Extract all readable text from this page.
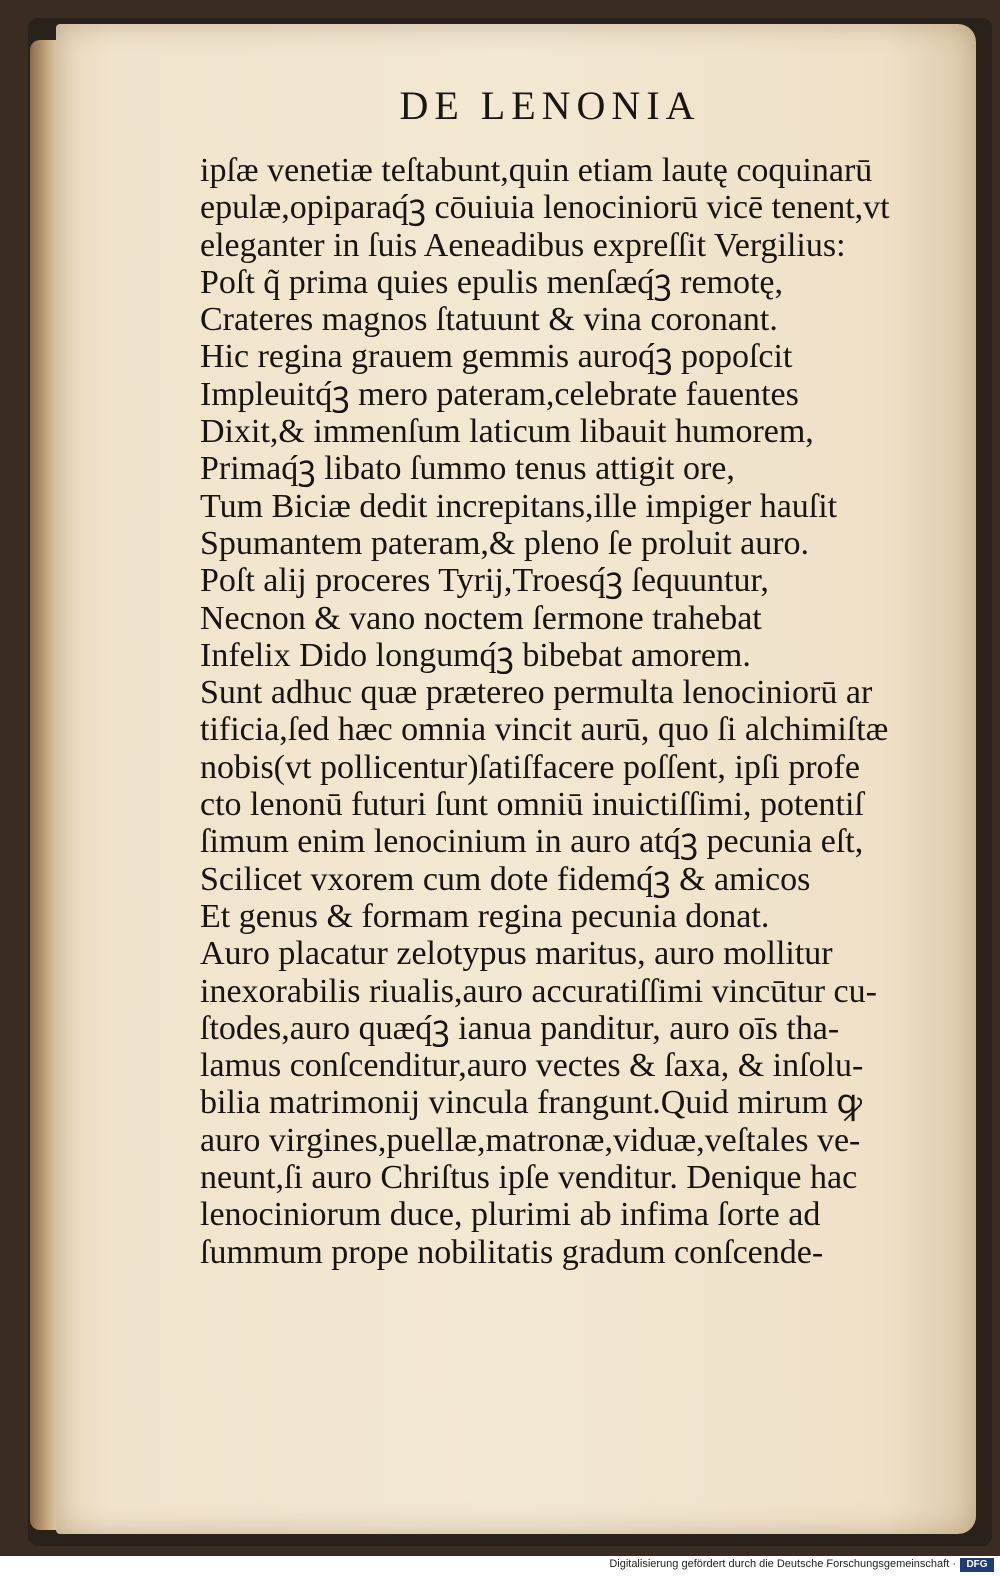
DE LENONIA
ipſæ venetiæ teſtabunt,quin etiam lautę coquinarū
epulæ,opiparaq́ꝫ cōuiuia lenociniorū vicē tenent,vt
eleganter in ſuis Aeneadibus expreſſit Vergilius:
Poſt q̃ prima quies epulis menſæq́ꝫ remotę,
Crateres magnos ſtatuunt & vina coronant.
Hic regina grauem gemmis auroq́ꝫ popoſcit
Impleuitq́ꝫ mero pateram,celebrate fauentes
Dixit,& immenſum laticum libauit humorem,
Primaq́ꝫ libato ſummo tenus attigit ore,
Tum Biciæ dedit increpitans,ille impiger hauſit
Spumantem pateram,& pleno ſe proluit auro.
Poſt alij proceres Tyrij,Troesq́ꝫ ſequuntur,
Necnon & vano noctem ſermone trahebat
Infelix Dido longumq́ꝫ bibebat amorem.
Sunt adhuc quæ prætereo permulta lenociniorū ar
tificia,ſed hæc omnia vincit aurū, quo ſi alchimiſtæ
nobis(vt pollicentur)ſatiſfacere poſſent, ipſi profe
cto lenonū futuri ſunt omniū inuictiſſimi, potentiſ
ſimum enim lenocinium in auro atq́ꝫ pecunia eſt,
Scilicet vxorem cum dote fidemq́ꝫ & amicos
Et genus & formam regina pecunia donat.
Auro placatur zelotypus maritus, auro mollitur
inexorabilis riualis,auro accuratiſſimi vincūtur cu-
ſtodes,auro quæq́ꝫ ianua panditur, auro oīs tha-
lamus conſcenditur,auro vectes & ſaxa, & inſolu-
bilia matrimonij vincula frangunt.Quid mirum ꝙ
auro virgines,puellæ,matronæ,viduæ,veſtales ve-
neunt,ſi auro Chriſtus ipſe venditur. Denique hac
lenociniorum duce, plurimi ab infima ſorte ad
ſummum prope nobilitatis gradum conſcende-
Digitalisierung gefördert durch die Deutsche Forschungsgemeinschaft ·	DFG
